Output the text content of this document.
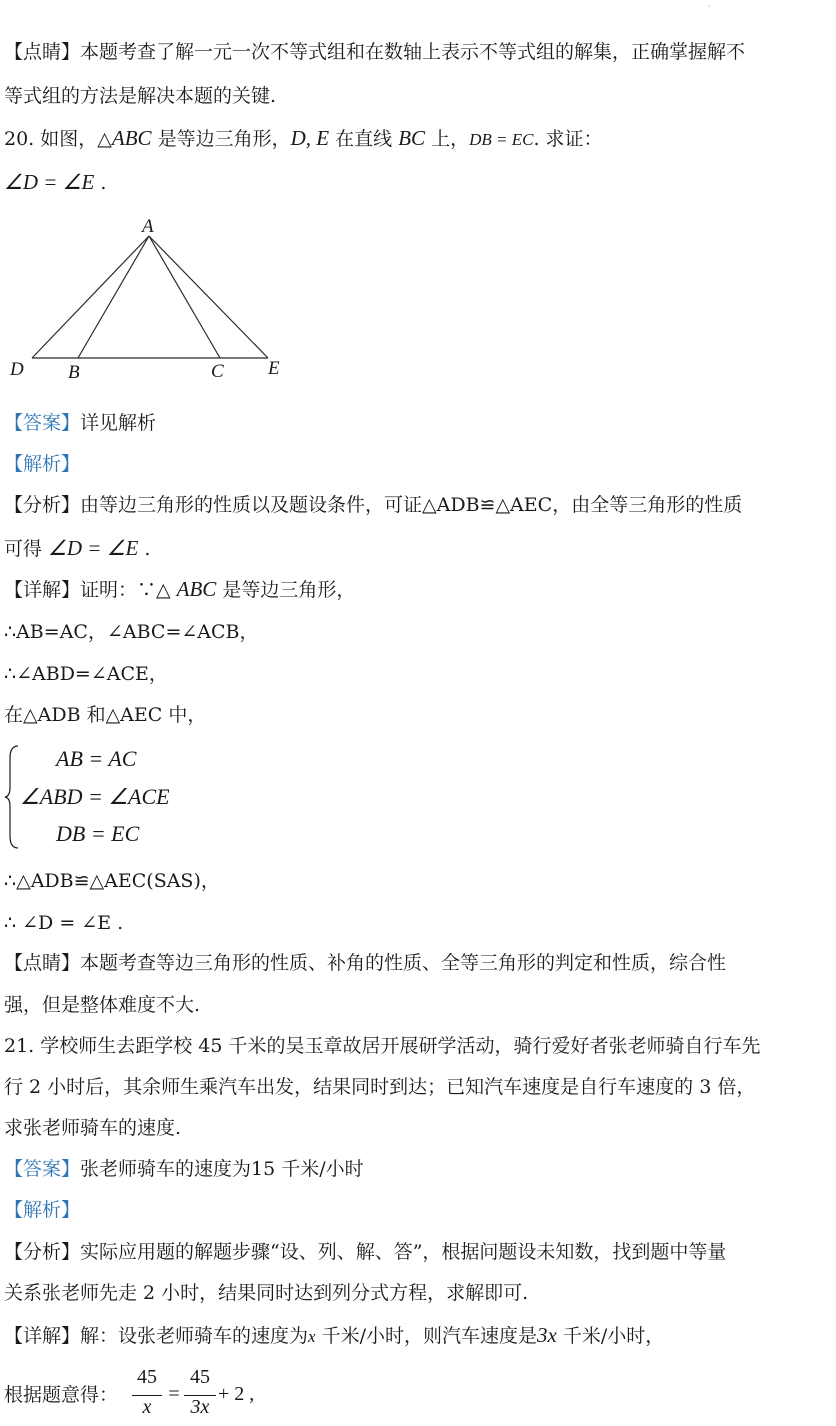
·
【点睛】本题考查了解一元一次不等式组和在数轴上表示不等式组的解集，正确掌握解不
等式组的方法是解决本题的关键.
20. 如图，△ABC 是等边三角形，D, E 在直线 BC 上，DB = EC. 求证：
∠D = ∠E .
A
D B	C E
【答案】详见解析
【解析】
【分析】由等边三角形的性质以及题设条件，可证△ADB≌△AEC，由全等三角形的性质
可得 ∠D = ∠E .
【详解】证明：∵△ ABC 是等边三角形，
∴AB=AC，∠ABC=∠ACB，
∴∠ABD=∠ACE，
在△ADB 和△AEC 中，
AB = AC
∠ABD = ∠ACE
DB = EC
∴△ADB≌△AEC(SAS)，
∴ ∠D = ∠E .
【点睛】本题考查等边三角形的性质、补角的性质、全等三角形的判定和性质，综合性
强，但是整体难度不大.
21. 学校师生去距学校 45 千米的吴玉章故居开展研学活动，骑行爱好者张老师骑自行车先
行 2 小时后，其余师生乘汽车出发，结果同时到达；已知汽车速度是自行车速度的 3 倍，
求张老师骑车的速度.
【答案】张老师骑车的速度为15 千米/小时
【解析】
【分析】实际应用题的解题步骤“设、列、解、答”，根据问题设未知数，找到题中等量
关系张老师先走 2 小时，结果同时达到列分式方程，求解即可.
【详解】解：设张老师骑车的速度为x 千米/小时，则汽车速度是3x 千米/小时，
根据题意得：
45
x
=
45
3x
+ 2 ,
